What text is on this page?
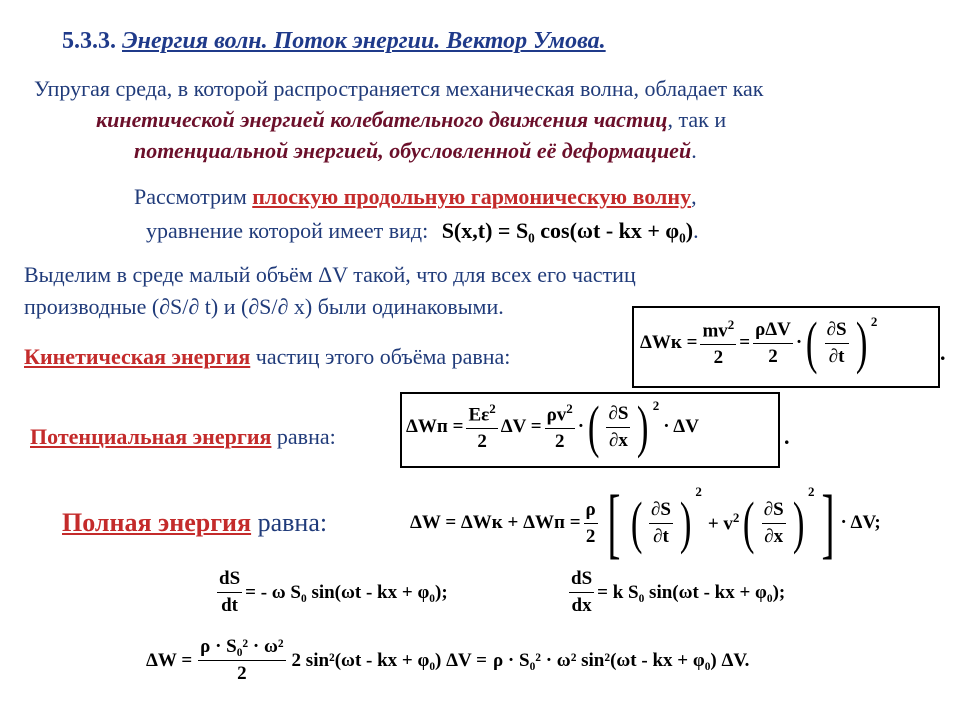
5.3.3. Энергия волн. Поток энергии. Вектор Умова.
Упругая среда, в которой распространяется механическая волна, обладает как
кинетической энергией колебательного движения частиц, так и
потенциальной энергией, обусловленной её деформацией.
Рассмотрим плоскую продольную гармоническую волну,
уравнение которой имеет вид: S(x,t) = S₀ cos(ωt - kx + φ₀).
Выделим в среде малый объём ΔV такой, что для всех его частиц
производные (∂S/∂ t) и (∂S/∂ x) были одинаковыми.
Кинетическая энергия частиц этого объёма равна:
$\Delta Wк = \frac{mv^2}{2} = \frac{\text{ρΔV}}{2}$ · ( $\frac{\partial S}{\partial t}$ ) $^2$
.
Потенциальная энергия равна:	$\Delta Wп = \frac{E\varepsilon^2}{2}$ $\Delta V = \frac{\rho v^2}{2}$ · ( $\frac{\partial S}{\partial x}$ ) $^2$
· ΔV	.
Полная энергия равна:	$\Delta W = \Delta Wк + \Delta Wп = \frac{\rho}{2}$ [ ( $\frac{\partial S}{\partial t}$ ) $^2$
+ $v^2$ ( $\frac{\partial S}{\partial x}$ ) $^2$ ] · ΔV;
$\frac{dS}{dt}$ = - ω S₀ sin(ωt - kx + φ₀);	$\frac{dS}{dx} = k$ S₀ sin(ωt - kx + φ₀);
$\Delta W = \frac{\text{ρ · S₀² · ω²}}{2} 2$ sin²(ωt - kx + φ₀) ΔV = ρ · S₀² · ω² sin²(ωt - kx + φ₀) ΔV.
